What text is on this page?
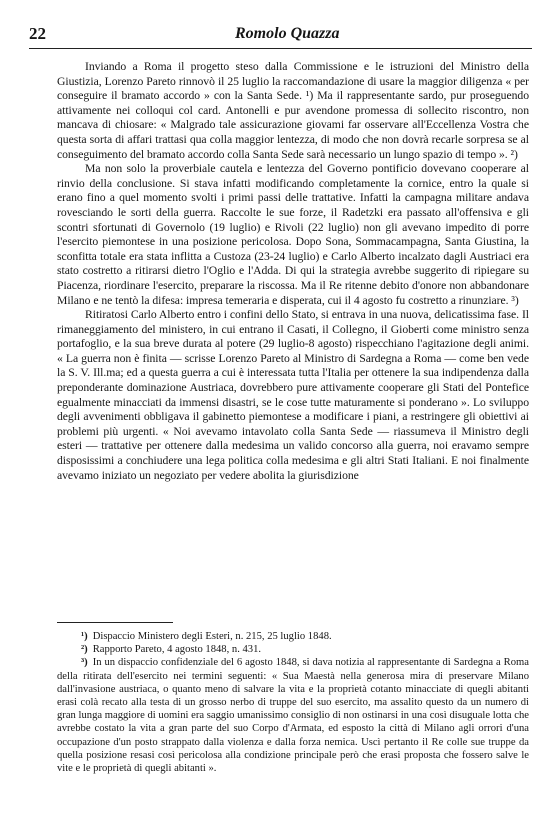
22	Romolo Quazza

Inviando a Roma il progetto steso dalla Commissione e le istruzioni del Ministro della Giustizia, Lorenzo Pareto rinnovò il 25 luglio la raccomandazione di usare la maggior diligenza « per conseguire il bramato accordo » con la Santa Sede. ¹) Ma il rappresentante sardo, pur proseguendo attivamente nei colloqui col card. Antonelli e pur avendone promessa di sollecito riscontro, non mancava di chiosare: « Malgrado tale assicurazione giovami far osservare all'Eccellenza Vostra che questa sorta di affari trattasi qua colla maggior lentezza, di modo che non dovrà recarle sorpresa se al conseguimento del bramato accordo colla Santa Sede sarà necessario un lungo spazio di tempo ». ²)

Ma non solo la proverbiale cautela e lentezza del Governo pontificio dovevano cooperare al rinvio della conclusione. Si stava infatti modificando completamente la cornice, entro la quale si erano fino a quel momento svolti i primi passi delle trattative. Infatti la campagna militare andava rovesciando le sorti della guerra. Raccolte le sue forze, il Radetzki era passato all'offensiva e gli scontri sfortunati di Governolo (19 luglio) e Rivoli (22 luglio) non gli avevano impedito di porre l'esercito piemontese in una posizione pericolosa. Dopo Sona, Sommacampagna, Santa Giustina, la sconfitta totale era stata inflitta a Custoza (23-24 luglio) e Carlo Alberto incalzato dagli Austriaci era stato costretto a ritirarsi dietro l'Oglio e l'Adda. Di qui la strategia avrebbe suggerito di ripiegare su Piacenza, riordinare l'esercito, preparare la riscossa. Ma il Re ritenne debito d'onore non abbandonare Milano e ne tentò la difesa: impresa temeraria e disperata, cui il 4 agosto fu costretto a rinunziare. ³)

Ritiratosi Carlo Alberto entro i confini dello Stato, si entrava in una nuova, delicatissima fase. Il rimaneggiamento del ministero, in cui entrano il Casati, il Collegno, il Gioberti come ministro senza portafoglio, e la sua breve durata al potere (29 luglio-8 agosto) rispecchiano l'agitazione degli animi. « La guerra non è finita — scrisse Lorenzo Pareto al Ministro di Sardegna a Roma — come ben vede la S. V. Ill.ma; ed a questa guerra a cui è interessata tutta l'Italia per ottenere la sua indipendenza dalla preponderante dominazione Austriaca, dovrebbero pure attivamente cooperare gli Stati del Pontefice egualmente minacciati da immensi disastri, se le cose tutte maturamente si ponderano ». Lo sviluppo degli avvenimenti obbligava il gabinetto piemontese a modificare i piani, a restringere gli obiettivi ai problemi più urgenti. « Noi avevamo intavolato colla Santa Sede — riassumeva il Ministro degli esteri — trattative per ottenere dalla medesima un valido concorso alla guerra, noi eravamo sempre disposissimi a conchiudere una lega politica colla medesima e gli altri Stati Italiani. E noi finalmente avevamo iniziato un negoziato per vedere abolita la giurisdizione

¹) Dispaccio Ministero degli Esteri, n. 215, 25 luglio 1848.

²) Rapporto Pareto, 4 agosto 1848, n. 431.

³) In un dispaccio confidenziale del 6 agosto 1848, si dava notizia al rappresentante di Sardegna a Roma della ritirata dell'esercito nei termini seguenti: « Sua Maestà nella generosa mira di preservare Milano dall'invasione austriaca, o quanto meno di salvare la vita e la proprietà cotanto minacciate di quegli abitanti erasi colà recato alla testa di un grosso nerbo di truppe del suo esercito, ma assalito questo da un numero di gran lunga maggiore di uomini era saggio umanissimo consiglio di non ostinarsi in una così disuguale lotta che avrebbe costato la vita a gran parte del suo Corpo d'Armata, ed esposto la città di Milano agli orrori d'una occupazione d'un posto strappato dalla violenza e dalla forza nemica. Uscì pertanto il Re colle sue truppe da quella posizione resasi così pericolosa alla condizione principale però che erasi proposta che fossero salve le vite e le proprietà di quegli abitanti ».
